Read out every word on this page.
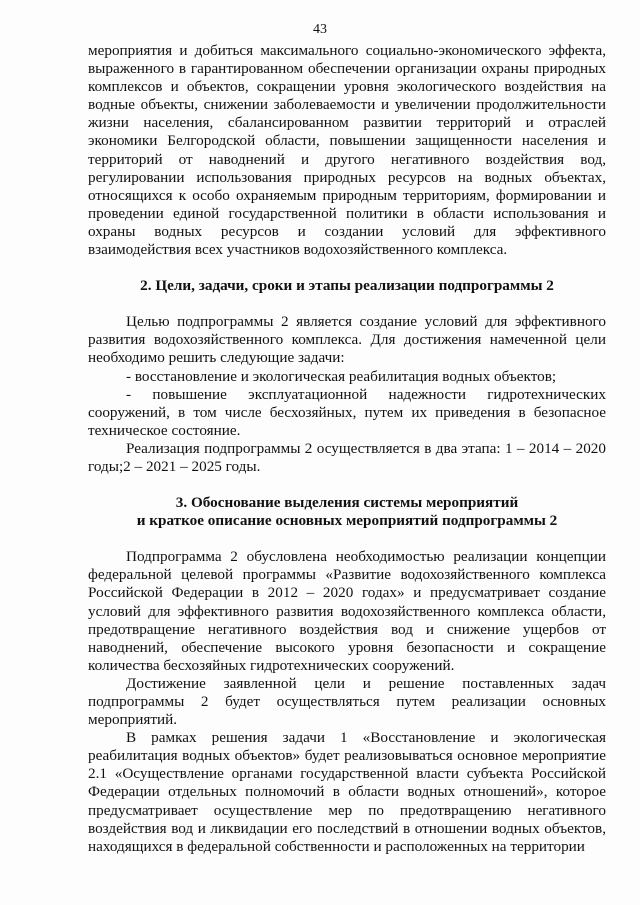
43

мероприятия и добиться максимального социально-экономического эффекта, выраженного в гарантированном обеспечении организации охраны природных комплексов и объектов, сокращении уровня экологического воздействия на водные объекты, снижении заболеваемости и увеличении продолжительности жизни населения, сбалансированном развитии территорий и отраслей экономики Белгородской области, повышении защищенности населения и территорий от наводнений и другого негативного воздействия вод, регулировании использования природных ресурсов на водных объектах, относящихся к особо охраняемым природным территориям, формировании и проведении единой государственной политики в области использования и охраны водных ресурсов и создании условий для эффективного взаимодействия всех участников водохозяйственного комплекса.

2. Цели, задачи, сроки и этапы реализации подпрограммы 2

Целью подпрограммы 2 является создание условий для эффективного развития водохозяйственного комплекса. Для достижения намеченной цели необходимо решить следующие задачи:

- восстановление и экологическая реабилитация водных объектов;

- повышение эксплуатационной надежности гидротехнических сооружений, в том числе бесхозяйных, путем их приведения в безопасное техническое состояние.

Реализация подпрограммы 2 осуществляется в два этапа: 1 – 2014 – 2020 годы;2 – 2021 – 2025 годы.

3. Обоснование выделения системы мероприятий

и краткое описание основных мероприятий подпрограммы 2

Подпрограмма 2 обусловлена необходимостью реализации концепции федеральной целевой программы «Развитие водохозяйственного комплекса Российской Федерации в 2012 – 2020 годах» и предусматривает создание условий для эффективного развития водохозяйственного комплекса области, предотвращение негативного воздействия вод и снижение ущербов от наводнений, обеспечение высокого уровня безопасности и сокращение количества бесхозяйных гидротехнических сооружений.

Достижение заявленной цели и решение поставленных задач подпрограммы 2 будет осуществляться путем реализации основных мероприятий.

В рамках решения задачи 1 «Восстановление и экологическая реабилитация водных объектов» будет реализовываться основное мероприятие 2.1 «Осуществление органами государственной власти субъекта Российской Федерации отдельных полномочий в области водных отношений», которое предусматривает осуществление мер по предотвращению негативного воздействия вод и ликвидации его последствий в отношении водных объектов, находящихся в федеральной собственности и расположенных на территории
